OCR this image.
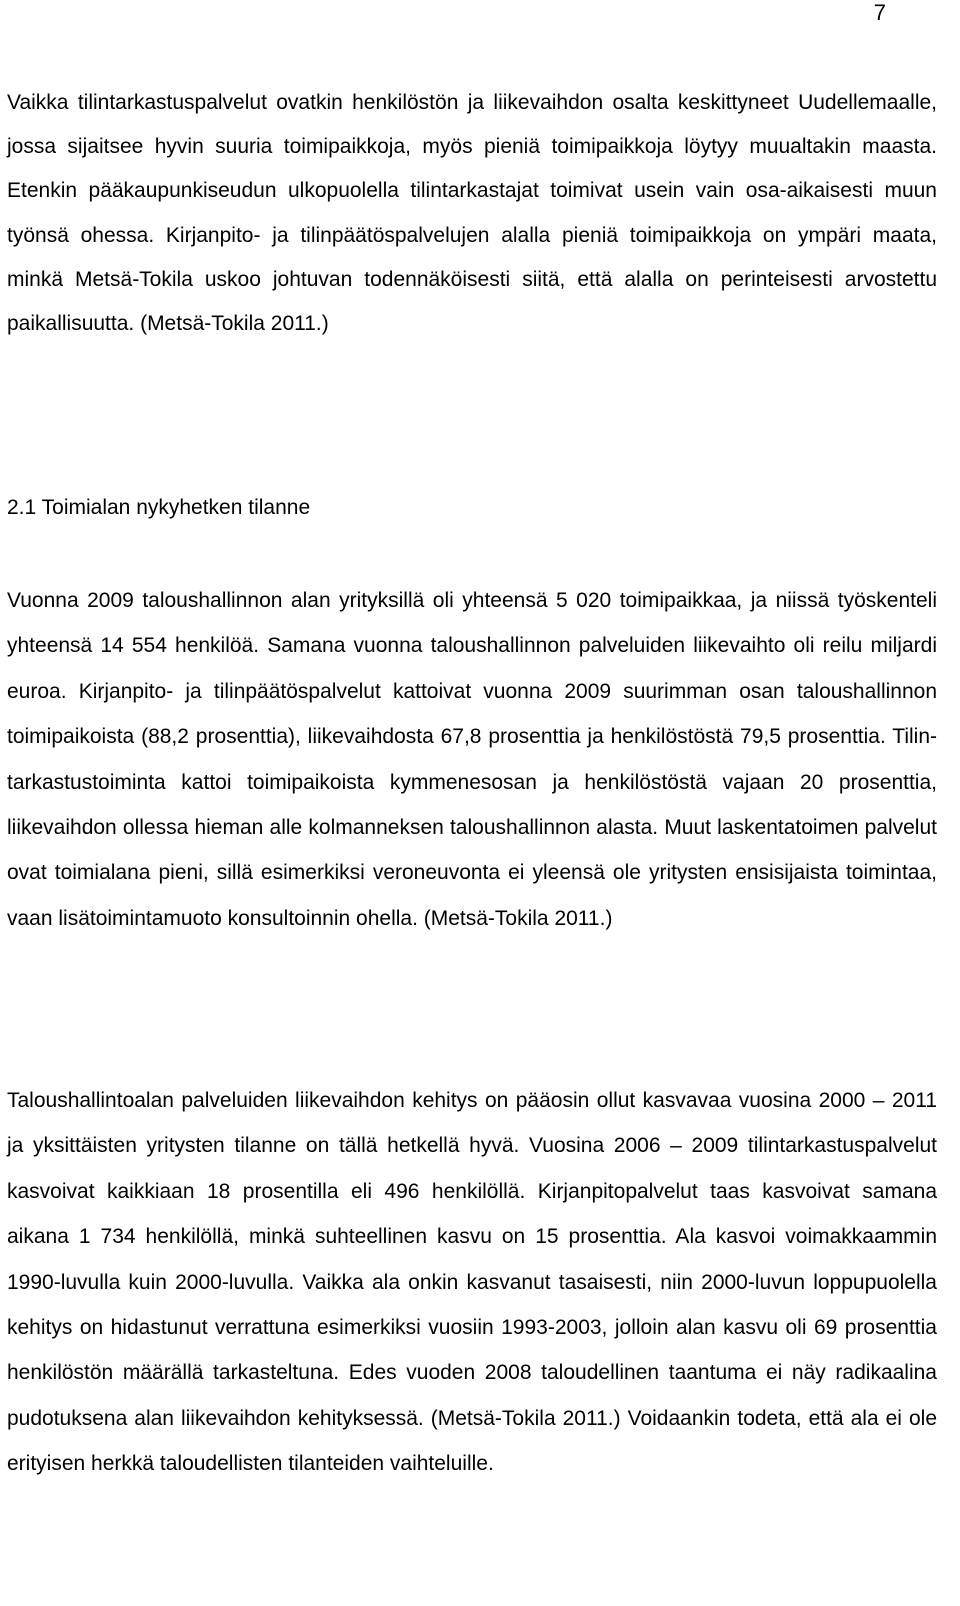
7

Vaikka tilintarkastuspalvelut ovatkin henkilöstön ja liikevaihdon osalta keskittyneet Uudellemaalle, jossa sijaitsee hyvin suuria toimipaikkoja, myös pieniä toimipaikkoja löytyy muualtakin maasta. Etenkin pääkaupunkiseudun ulkopuolella tilintarkastajat toimivat usein vain osa-aikaisesti muun työnsä ohessa. Kirjanpito- ja tilinpäätöspalvelujen alalla pieniä toimipaikkoja on ympäri maata, minkä Metsä-Tokila uskoo johtuvan todennäköisesti siitä, että alalla on perinteisesti arvostettu paikallisuutta. (Metsä-Tokila 2011.)

2.1 Toimialan nykyhetken tilanne

Vuonna 2009 taloushallinnon alan yrityksillä oli yhteensä 5 020 toimipaikkaa, ja niissä työskenteli yhteensä 14 554 henkilöä. Samana vuonna taloushallinnon palveluiden liikevaihto oli reilu miljardi euroa. Kirjanpito- ja tilinpäätöspalvelut kattoivat vuonna 2009 suurimman osan taloushallinnon toimipaikoista (88,2 prosenttia), liikevaihdosta 67,8 prosenttia ja henkilöstöstä 79,5 prosenttia. Tilintarkastustoiminta kattoi toimipaikoista kymmenesosan ja henkilöstöstä vajaan 20 prosenttia, liikevaihdon ollessa hieman alle kolmanneksen taloushallinnon alasta. Muut laskentatoimen palvelut ovat toimialana pieni, sillä esimerkiksi veroneuvonta ei yleensä ole yritysten ensisijaista toimintaa, vaan lisätoimintamuoto konsultoinnin ohella. (Metsä-Tokila 2011.)

Taloushallintoalan palveluiden liikevaihdon kehitys on pääosin ollut kasvavaa vuosina 2000 – 2011 ja yksittäisten yritysten tilanne on tällä hetkellä hyvä. Vuosina 2006 – 2009 tilintarkastuspalvelut kasvoivat kaikkiaan 18 prosentilla eli 496 henkilöllä. Kirjanpitopalvelut taas kasvoivat samana aikana 1 734 henkilöllä, minkä suhteellinen kasvu on 15 prosenttia. Ala kasvoi voimakkaammin 1990-luvulla kuin 2000-luvulla. Vaikka ala onkin kasvanut tasaisesti, niin 2000-luvun loppupuolella kehitys on hidastunut verrattuna esimerkiksi vuosiin 1993-2003, jolloin alan kasvu oli 69 prosenttia henkilöstön määrällä tarkasteltuna. Edes vuoden 2008 taloudellinen taantuma ei näy radikaalina pudotuksena alan liikevaihdon kehityksessä. (Metsä-Tokila 2011.) Voidaankin todeta, että ala ei ole erityisen herkkä taloudellisten tilanteiden vaihteluille.
